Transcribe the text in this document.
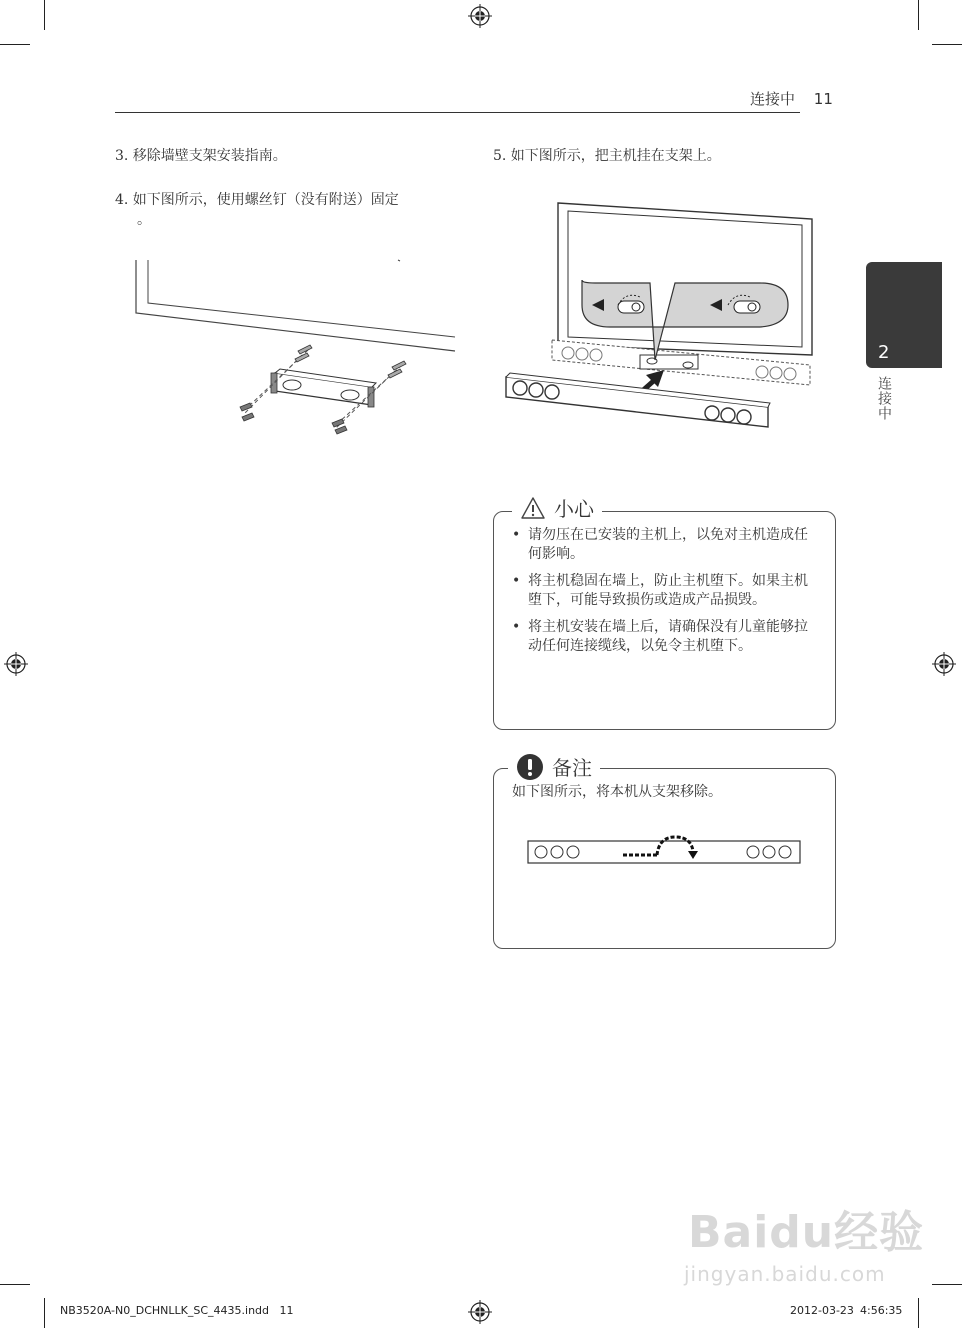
连接中 11
3. 移除墙壁支架安装指南。
4. 如下图所示，使用螺丝钉（没有附送）固定
。
5. 如下图所示，把主机挂在支架上。
• 请勿压在已安装的主机上，以免对主机造成任何影响。
• 将主机稳固在墙上，防止主机堕下。如果主机堕下，可能导致损伤或造成产品损毁。
• 将主机安装在墙上后，请确保没有儿童能够拉动任何连接缆线，以免令主机堕下。
小心
如下图所示，将本机从支架移除。
备注
2
连接中
Baidu经验
jingyan.baidu.com
NB3520A-N0_DCHNLLK_SC_4435.indd   11	2012-03-23 4:56:35
